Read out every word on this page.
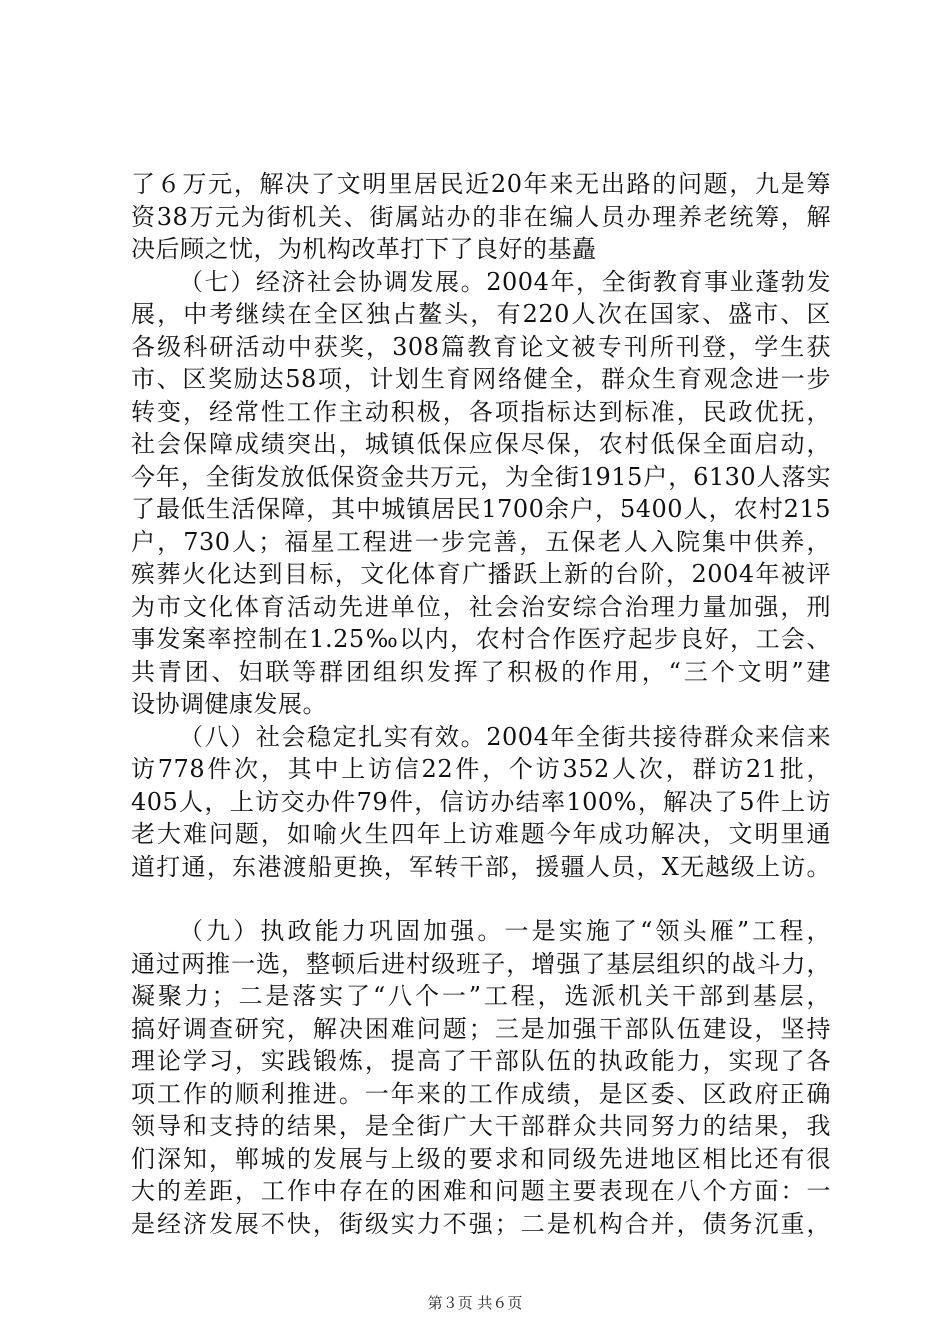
了６万元，解决了文明里居民近20年来无出路的问题，九是筹
资38万元为街机关、街属站办的非在编人员办理养老统筹，解
决后顾之忧，为机构改革打下了良好的基矗
（七）经济社会协调发展。2004年，全街教育事业蓬勃发
展，中考继续在全区独占鳌头，有220人次在国家、盛市、区
各级科研活动中获奖，308篇教育论文被专刊所刊登，学生获
市、区奖励达58项，计划生育网络健全，群众生育观念进一步
转变，经常性工作主动积极，各项指标达到标准，民政优抚，
社会保障成绩突出，城镇低保应保尽保，农村低保全面启动，
今年，全街发放低保资金共万元，为全街1915户，6130人落实
了最低生活保障，其中城镇居民1700余户，5400人，农村215
户，730人；福星工程进一步完善，五保老人入院集中供养，
殡葬火化达到目标，文化体育广播跃上新的台阶，2004年被评
为市文化体育活动先进单位，社会治安综合治理力量加强，刑
事发案率控制在1.25‰以内，农村合作医疗起步良好，工会、
共青团、妇联等群团组织发挥了积极的作用，“三个文明”建
设协调健康发展。
（八）社会稳定扎实有效。2004年全街共接待群众来信来
访778件次，其中上访信22件，个访352人次，群访21批，
405人，上访交办件79件，信访办结率100%，解决了5件上访
老大难问题，如喻火生四年上访难题今年成功解决，文明里通
道打通，东港渡船更换，军转干部，援疆人员，X无越级上访。
（九）执政能力巩固加强。一是实施了“领头雁”工程，
通过两推一选，整顿后进村级班子，增强了基层组织的战斗力，
凝聚力；二是落实了“八个一”工程，选派机关干部到基层，
搞好调查研究，解决困难问题；三是加强干部队伍建设，坚持
理论学习，实践锻炼，提高了干部队伍的执政能力，实现了各
项工作的顺利推进。一年来的工作成绩，是区委、区政府正确
领导和支持的结果，是全街广大干部群众共同努力的结果，我
们深知，郸城的发展与上级的要求和同级先进地区相比还有很
大的差距，工作中存在的困难和问题主要表现在八个方面：一
是经济发展不快，街级实力不强；二是机构合并，债务沉重，
第３页 共６页
